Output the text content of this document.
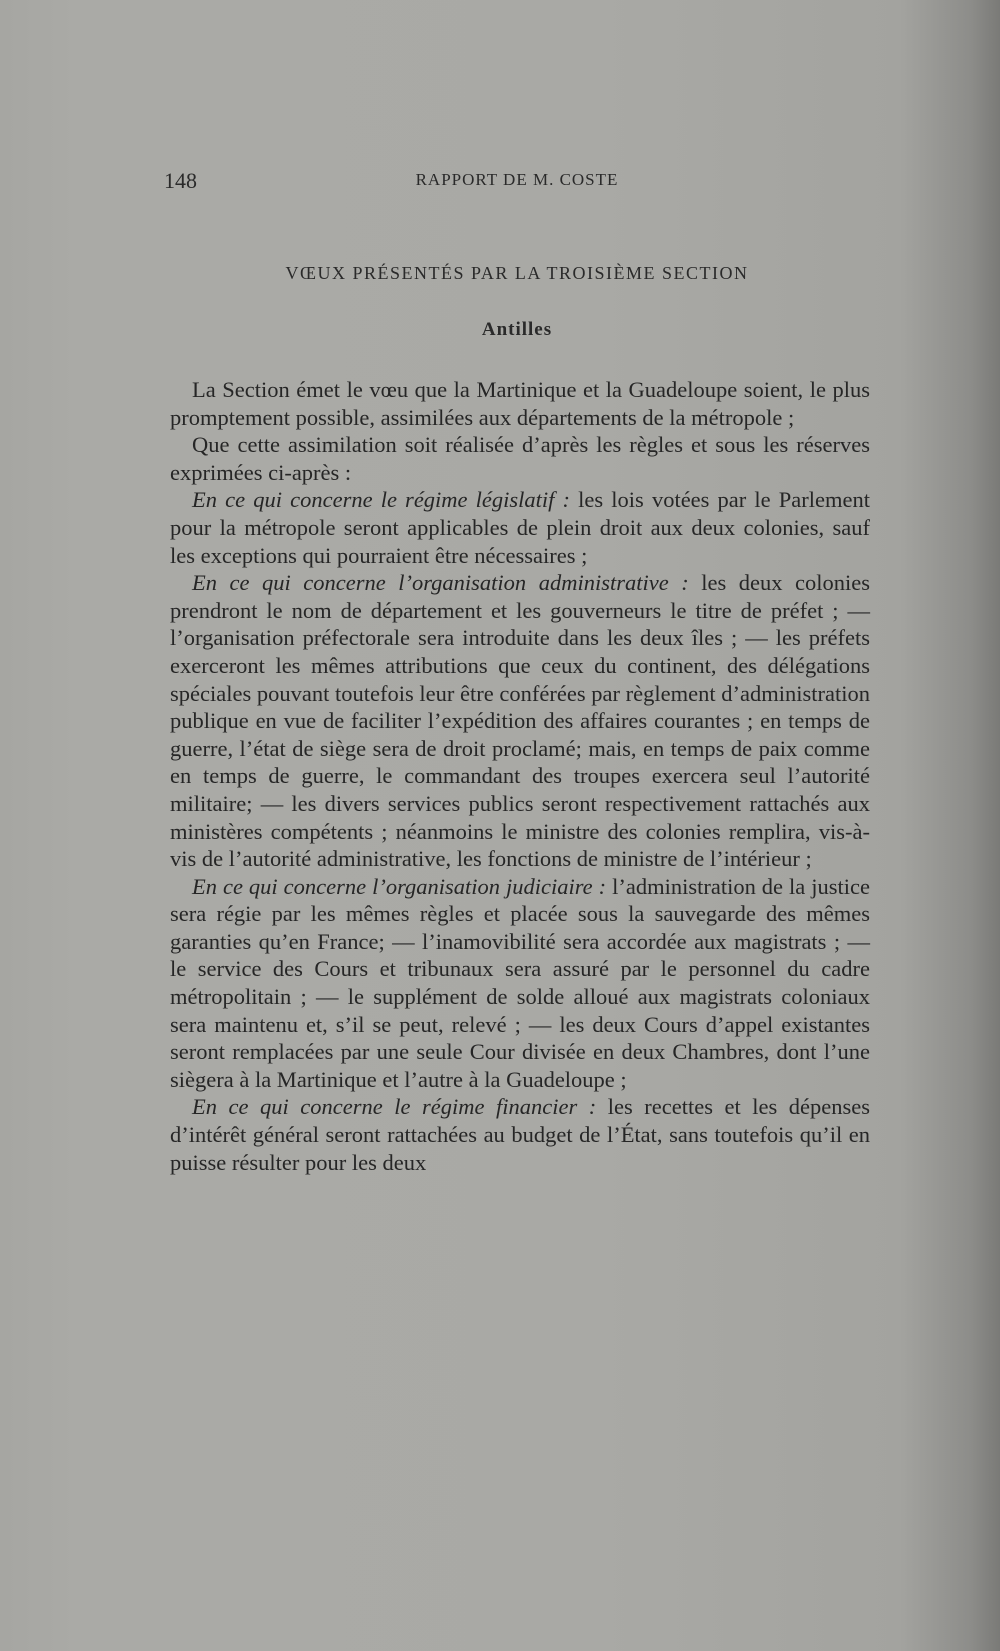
148	RAPPORT DE M. COSTE
VŒUX PRÉSENTÉS PAR LA TROISIÈME SECTION
Antilles

La Section émet le vœu que la Martinique et la Guadeloupe soient, le plus promptement possible, assimilées aux départements de la métropole ;

Que cette assimilation soit réalisée d’après les règles et sous les réserves exprimées ci-après :

En ce qui concerne le régime législatif : les lois votées par le Parlement pour la métropole seront applicables de plein droit aux deux colonies, sauf les exceptions qui pourraient être nécessaires ;

En ce qui concerne l’organisation administrative : les deux colonies prendront le nom de département et les gouverneurs le titre de préfet ; — l’organisation préfectorale sera introduite dans les deux îles ; — les préfets exerceront les mêmes attributions que ceux du continent, des délégations spéciales pouvant toutefois leur être conférées par règlement d’administration publique en vue de faciliter l’expédition des affaires courantes ; en temps de guerre, l’état de siège sera de droit proclamé; mais, en temps de paix comme en temps de guerre, le commandant des troupes exercera seul l’autorité militaire; — les divers services publics seront respectivement rattachés aux ministères compétents ; néanmoins le ministre des colonies remplira, vis-à-vis de l’autorité administrative, les fonctions de ministre de l’intérieur ;

En ce qui concerne l’organisation judiciaire : l’administration de la justice sera régie par les mêmes règles et placée sous la sauvegarde des mêmes garanties qu’en France; — l’inamovibilité sera accordée aux magistrats ; — le service des Cours et tribunaux sera assuré par le personnel du cadre métropolitain ; — le supplément de solde alloué aux magistrats coloniaux sera maintenu et, s’il se peut, relevé ; — les deux Cours d’appel existantes seront remplacées par une seule Cour divisée en deux Chambres, dont l’une siègera à la Martinique et l’autre à la Guadeloupe ;

En ce qui concerne le régime financier : les recettes et les dépenses d’intérêt général seront rattachées au budget de l’État, sans toutefois qu’il en puisse résulter pour les deux
